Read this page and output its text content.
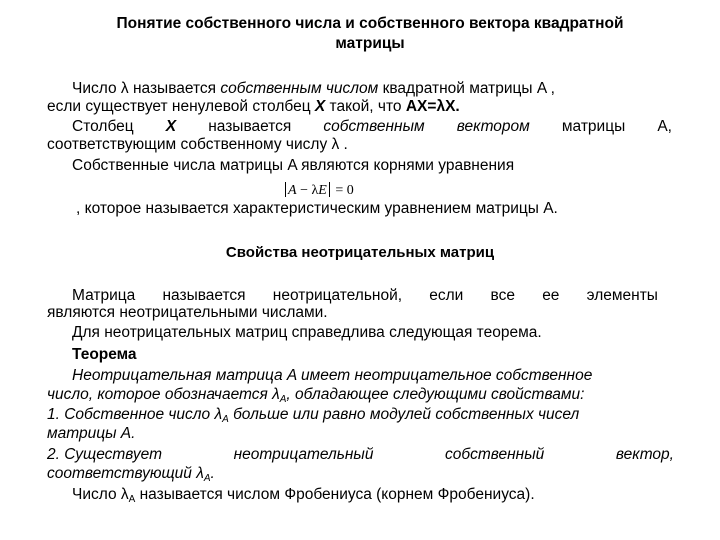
Понятие собственного числа и собственного вектора квадратной
матрицы
Число λ называется собственным числом квадратной матрицы A ,
если существует ненулевой столбец X такой, что AX=λX.
Столбец X называется собственным вектором матрицы A,
соответствующим собственному числу λ .
Собственные числа матрицы A являются корнями уравнения
A − λE = 0
, которое называется характеристическим уравнением матрицы A.
Свойства неотрицательных матриц
Матрица называется неотрицательной, если все ее элементы
являются неотрицательными числами.
Для неотрицательных матриц справедлива следующая теорема.
Теорема
Неотрицательная матрица A имеет неотрицательное собственное
число, которое обозначается $\lambda_A$, обладающее следующими свойствами:
1. Собственное число $\lambda_A$ больше или равно модулей собственных чисел
матрицы A.
2. Существует	неотрицательный	собственный	вектор,
соответствующий $\lambda_A$.
Число $\lambda_A$ называется числом Фробениуса (корнем Фробениуса).
